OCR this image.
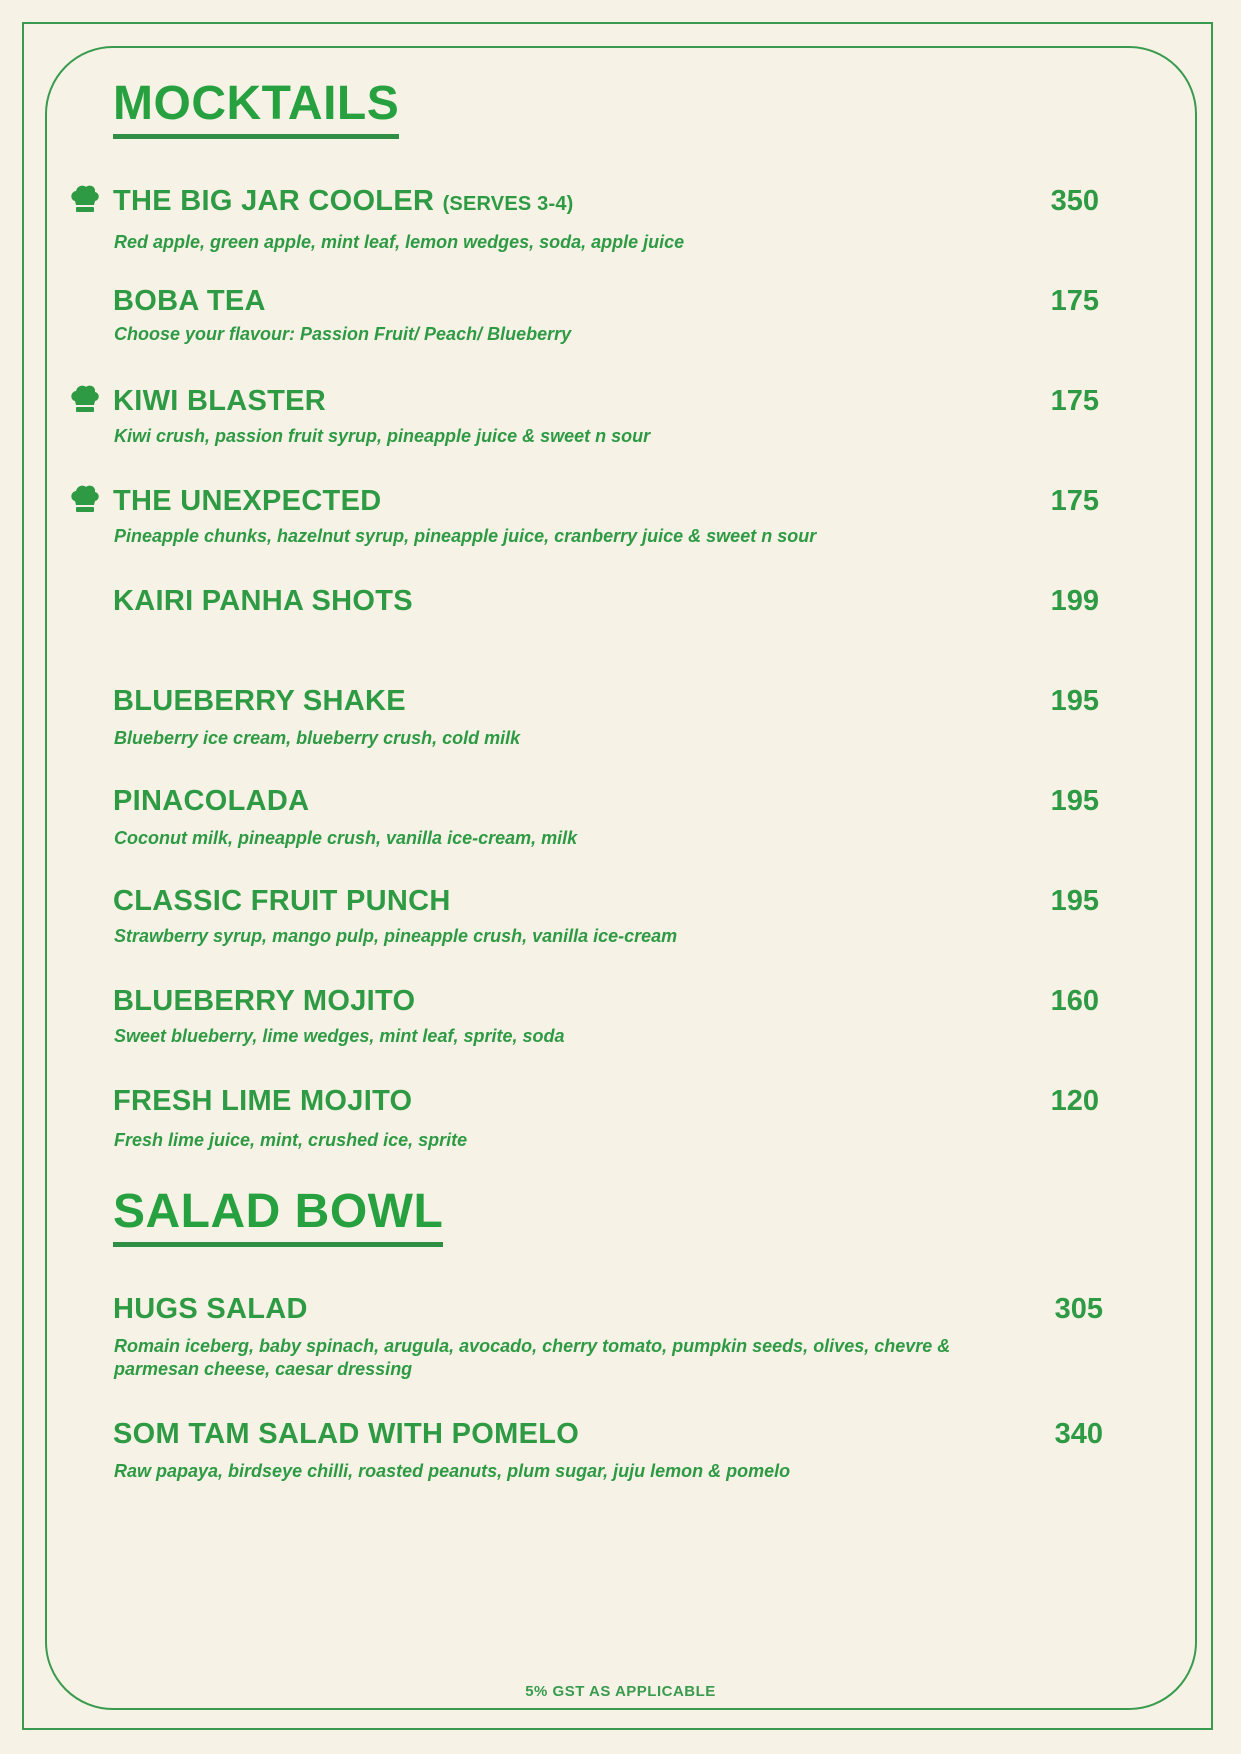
MOCKTAILS
THE BIG JAR COOLER (SERVES 3-4)	350
Red apple, green apple, mint leaf, lemon wedges, soda, apple juice
BOBA TEA	175
Choose your flavour: Passion Fruit/ Peach/ Blueberry
KIWI BLASTER	175
Kiwi crush, passion fruit syrup, pineapple juice & sweet n sour
THE UNEXPECTED	175
Pineapple chunks, hazelnut syrup, pineapple juice, cranberry juice & sweet n sour
KAIRI PANHA SHOTS	199
BLUEBERRY SHAKE	195
Blueberry ice cream, blueberry crush, cold milk
PINACOLADA	195
Coconut milk, pineapple crush, vanilla ice-cream, milk
CLASSIC FRUIT PUNCH	195
Strawberry syrup, mango pulp, pineapple crush, vanilla ice-cream
BLUEBERRY MOJITO	160
Sweet blueberry, lime wedges, mint leaf, sprite, soda
FRESH LIME MOJITO	120
Fresh lime juice, mint, crushed ice, sprite
SALAD BOWL
HUGS SALAD	305
Romain iceberg, baby spinach, arugula, avocado, cherry tomato, pumpkin seeds, olives, chevre & parmesan cheese, caesar dressing
SOM TAM SALAD WITH POMELO	340
Raw papaya, birdseye chilli, roasted peanuts, plum sugar, juju lemon & pomelo
5% GST AS APPLICABLE
